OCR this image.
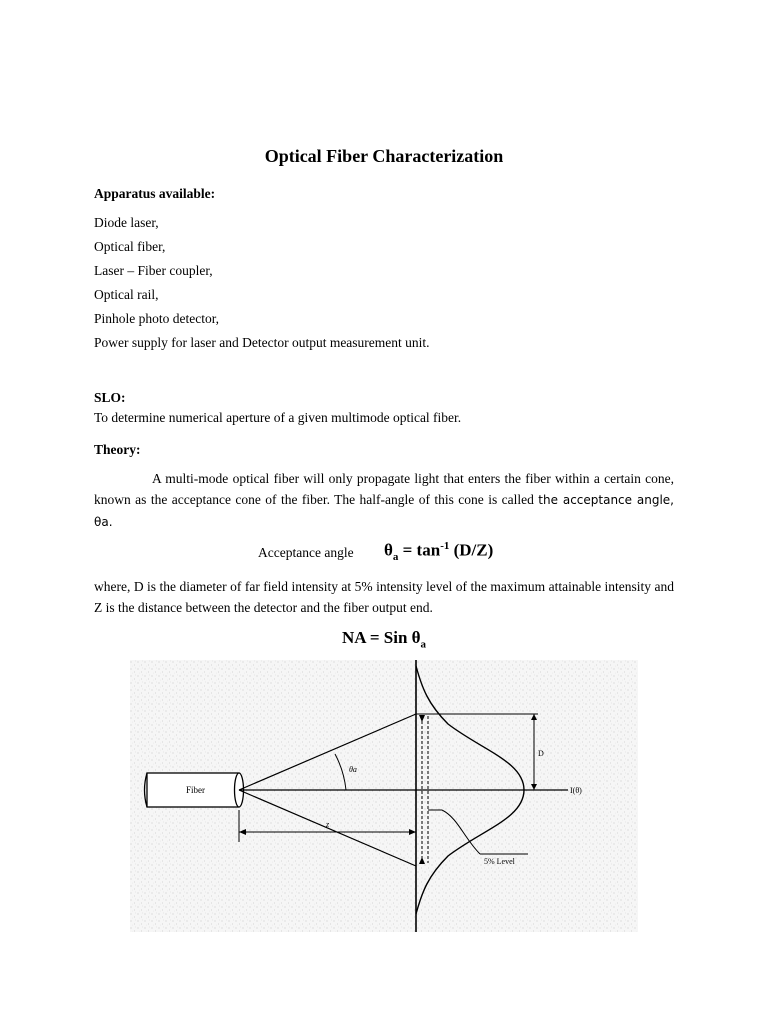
Optical Fiber Characterization
Apparatus available:
Diode laser,
Optical fiber,
Laser – Fiber coupler,
Optical rail,
Pinhole photo detector,
Power supply for laser and Detector output measurement unit.
SLO:
To determine numerical aperture of a given multimode optical fiber.
Theory:
A multi-mode optical fiber will only propagate light that enters the fiber within a certain cone, known as the acceptance cone of the fiber. The half-angle of this cone is called the acceptance angle, θa.
Acceptance angle $\theta_a = \tan^{-1} (D/Z)$
where, D is the diameter of far field intensity at 5% intensity level of the maximum attainable intensity and Z is the distance between the detector and the fiber output end.
NA = Sin $\theta_a$
Fiber
θa
D
I(θ)
z
5% Level
